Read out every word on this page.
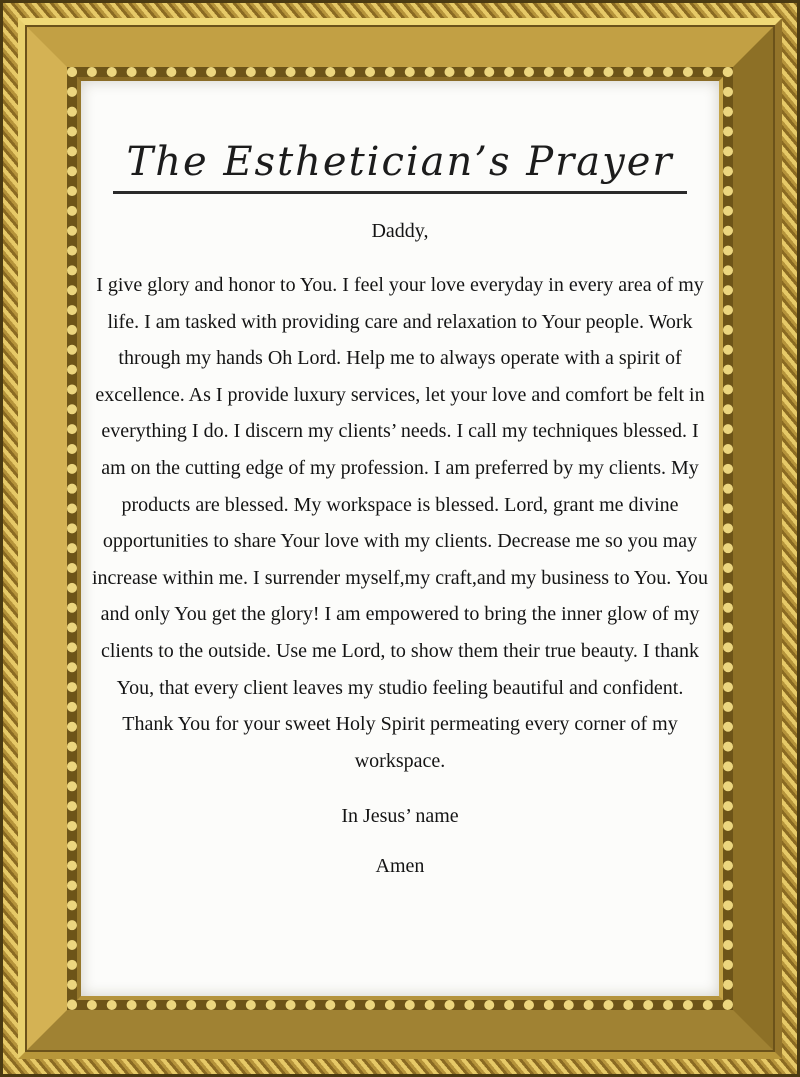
The Esthetician’s Prayer
Daddy,
I give glory and honor to You. I feel your love everyday in every area of my life. I am tasked with providing care and relaxation to Your people. Work through my hands Oh Lord. Help me to always operate with a spirit of excellence. As I provide luxury services, let your love and comfort be felt in everything I do. I discern my clients’ needs. I call my techniques blessed. I am on the cutting edge of my profession. I am preferred by my clients. My products are blessed. My workspace is blessed. Lord, grant me divine opportunities to share Your love with my clients. Decrease me so you may increase within me. I surrender myself,my craft,and my business to You. You and only You get the glory! I am empowered to bring the inner glow of my clients to the outside. Use me Lord, to show them their true beauty. I thank You, that every client leaves my studio feeling beautiful and confident. Thank You for your sweet Holy Spirit permeating every corner of my workspace.
In Jesus’ name
Amen
